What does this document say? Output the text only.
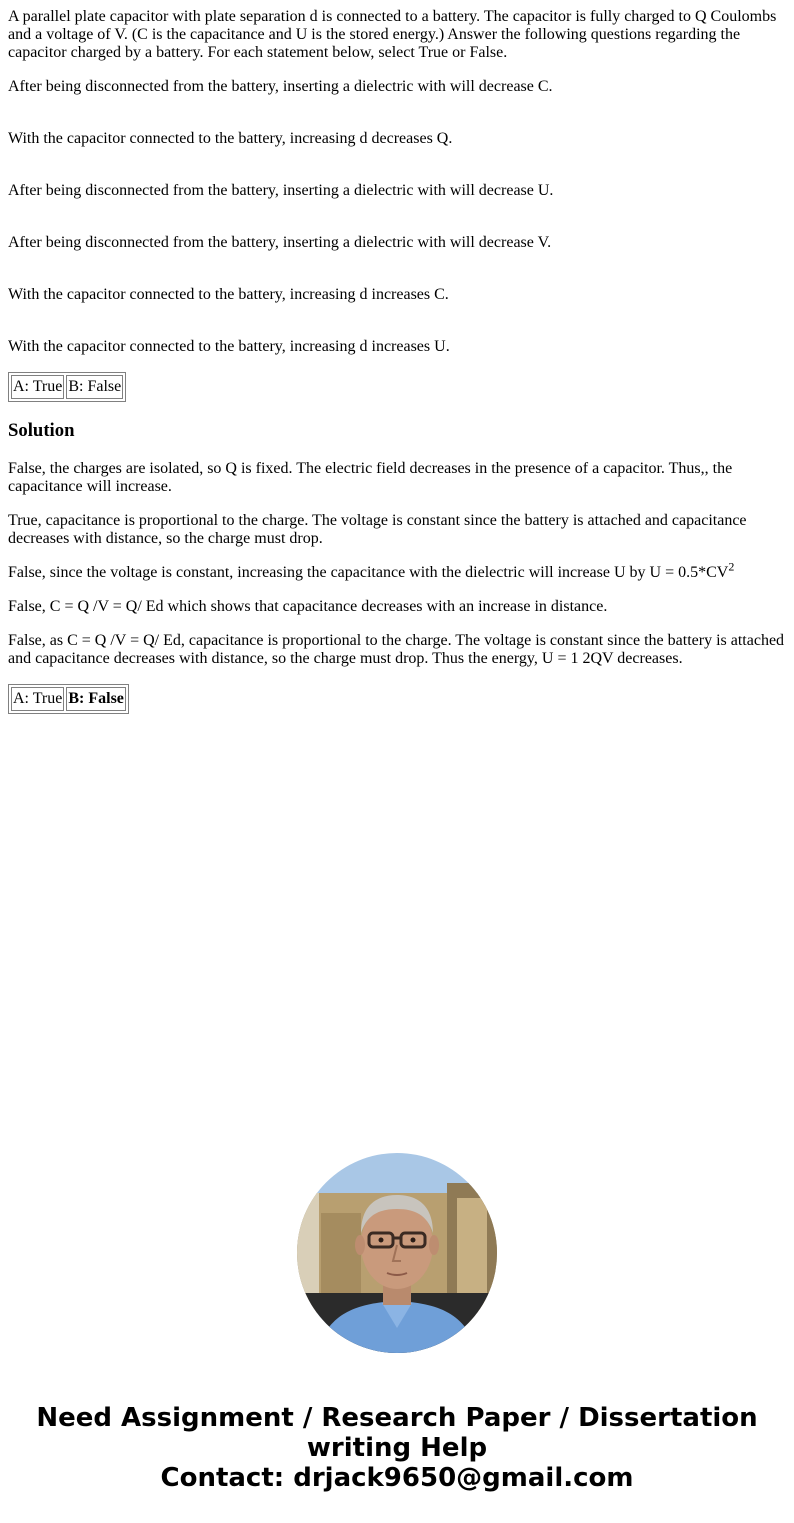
A parallel plate capacitor with plate separation d is connected to a battery. The capacitor is fully charged to Q Coulombs and a voltage of V. (C is the capacitance and U is the stored energy.) Answer the following questions regarding the capacitor charged by a battery. For each statement below, select True or False.

After being disconnected from the battery, inserting a dielectric with will decrease C.

With the capacitor connected to the battery, increasing d decreases Q.

After being disconnected from the battery, inserting a dielectric with will decrease U.

After being disconnected from the battery, inserting a dielectric with will decrease V.

With the capacitor connected to the battery, increasing d increases C.

With the capacitor connected to the battery, increasing d increases U.

A: True	B: False
Solution

False, the charges are isolated, so Q is fixed. The electric field decreases in the presence of a capacitor. Thus,, the capacitance will increase.

True, capacitance is proportional to the charge. The voltage is constant since the battery is attached and capacitance decreases with distance, so the charge must drop.

False, since the voltage is constant, increasing the capacitance with the dielectric will increase U by $U = 0.5*CV^2$

False, C = Q /V = Q/ Ed which shows that capacitance decreases with an increase in distance.

False, as C = Q /V = Q/ Ed, capacitance is proportional to the charge. The voltage is constant since the battery is attached and capacitance decreases with distance, so the charge must drop. Thus the energy, U = 1 2QV decreases.

A: True	B: False
Need Assignment / Research Paper / Dissertation
writing Help
Contact: drjack9650@gmail.com
